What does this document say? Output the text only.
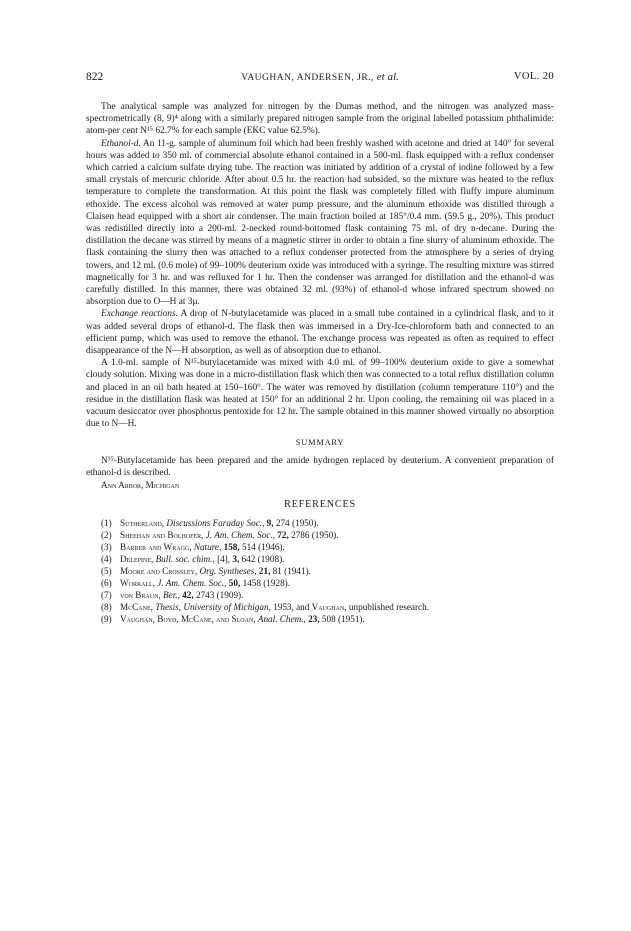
822	VAUGHAN, ANDERSEN, JR., et al.	VOL. 20

The analytical sample was analyzed for nitrogen by the Dumas method, and the nitrogen was analyzed mass-spectrometrically (8, 9)⁴ along with a similarly prepared nitrogen sample from the original labelled potassium phthalimide: atom-per cent N¹⁵ 62.7% for each sample (EKC value 62.5%).

Ethanol-d. An 11-g. sample of aluminum foil which had been freshly washed with acetone and dried at 140° for several hours was added to 350 ml. of commercial absolute ethanol contained in a 500-ml. flask equipped with a reflux condenser which carried a calcium sulfate drying tube. The reaction was initiated by addition of a crystal of iodine followed by a few small crystals of mercuric chloride. After about 0.5 hr. the reaction had subsided, so the mixture was heated to the reflux temperature to complete the transformation. At this point the flask was completely filled with fluffy impure aluminum ethoxide. The excess alcohol was removed at water pump pressure, and the aluminum ethoxide was distilled through a Claisen head equipped with a short air condenser. The main fraction boiled at 185°/0.4 mm. (59.5 g., 20%). This product was redistilled directly into a 200-ml. 2-necked round-bottomed flask containing 75 ml. of dry n-decane. During the distillation the decane was stirred by means of a magnetic stirrer in order to obtain a fine slurry of aluminum ethoxide. The flask containing the slurry then was attached to a reflux condenser protected from the atmosphere by a series of drying towers, and 12 ml. (0.6 mole) of 99–100% deuterium oxide was introduced with a syringe. The resulting mixture was stirred magnetically for 3 hr. and was refluxed for 1 hr. Then the condenser was arranged for distillation and the ethanol-d was carefully distilled. In this manner, there was obtained 32 ml. (93%) of ethanol-d whose infrared spectrum showed no absorption due to O—H at 3μ.

Exchange reactions. A drop of N-butylacetamide was placed in a small tube contained in a cylindrical flask, and to it was added several drops of ethanol-d. The flask then was immersed in a Dry-Ice-chloroform bath and connected to an efficient pump, which was used to remove the ethanol. The exchange process was repeated as often as required to effect disappearance of the N—H absorption, as well as of absorption due to ethanol.

A 1.0-ml. sample of N¹⁵-butylacetamide was mixed with 4.0 ml. of 99–100% deuterium oxide to give a somewhat cloudy solution. Mixing was done in a micro-distillation flask which then was connected to a total reflux distillation column and placed in an oil bath heated at 150–160°. The water was removed by distillation (column temperature 110°) and the residue in the distillation flask was heated at 150° for an additional 2 hr. Upon cooling, the remaining oil was placed in a vacuum desiccator over phosphorus pentoxide for 12 hr. The sample obtained in this manner showed virtually no absorption due to N—H.

SUMMARY

N¹⁵-Butylacetamide has been prepared and the amide hydrogen replaced by deuterium. A convenient preparation of ethanol-d is described.

Ann Arbor, Michigan

REFERENCES
(1) Sutherland, Discussions Faraday Soc., 9, 274 (1950).
(2) Sheehan and Bolhofer, J. Am. Chem. Soc., 72, 2786 (1950).
(3) Barber and Wragg, Nature, 158, 514 (1946).
(4) Delepine, Bull. soc. chim., [4], 3, 642 (1908).
(5) Moore and Crossley, Org. Syntheses, 21, 81 (1941).
(6) Worrall, J. Am. Chem. Soc., 50, 1458 (1928).
(7) von Braun, Ber., 42, 2743 (1909).
(8) McCane, Thesis, University of Michigan, 1953, and Vaughan, unpublished research.
(9) Vaughan, Boyd, McCane, and Sloan, Anal. Chem., 23, 508 (1951).
